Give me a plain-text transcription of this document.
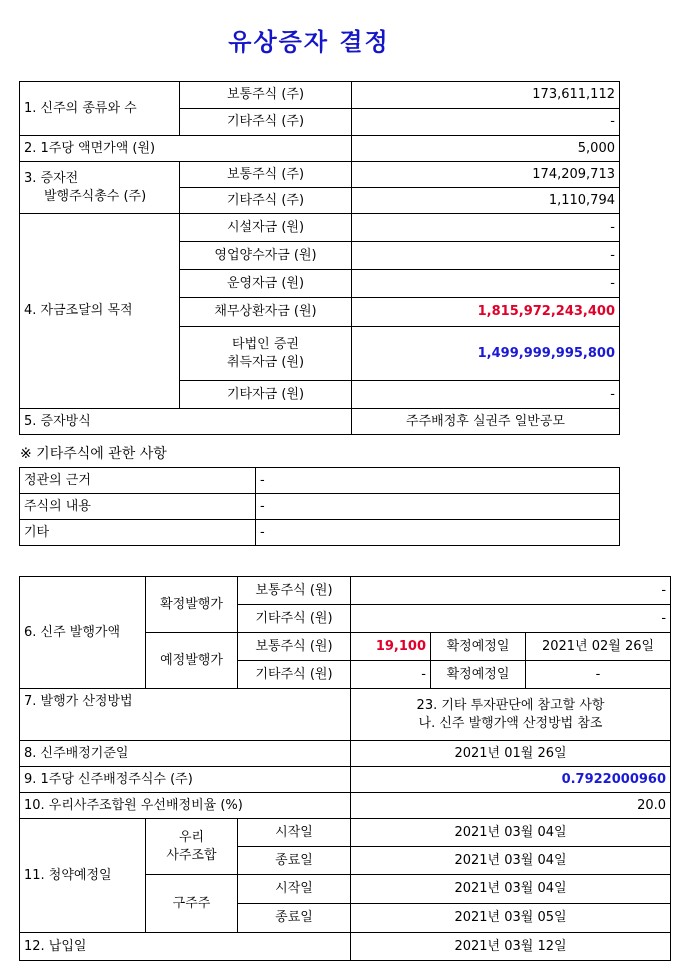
유상증자 결정
1. 신주의 종류와 수	보통주식 (주)	173,611,112
	기타주식 (주)	-
2. 1주당 액면가액 (원)		5,000

3. 증자전
발행주식총수 (주)	보통주식 (주)	174,209,713
	기타주식 (주)	1,110,794
4. 자금조달의 목적	시설자금 (원)	-
	영업양수자금 (원)	-
	운영자금 (원)	-
	채무상환자금 (원)	1,815,972,243,400

	타법인 증권
취득자금 (원)	1,499,999,995,800
	기타자금 (원)	-
5. 증자방식		주주배정후 실권주 일반공모
※ 기타주식에 관한 사항
정관의 근거	-
주식의 내용	-
기타	-
6. 신주 발행가액	확정발행가	보통주식 (원)	-		
		기타주식 (원)	-		
	예정발행가	보통주식 (원)	19,100	확정예정일	2021년 02월 26일
		기타주식 (원)	-	확정예정일	-
7. 발행가 산정방법			23. 기타 투자판단에 참고할 사항
나. 신주 발행가액 산정방법 참조		

8. 신주배정기준일			2021년 01월 26일		
9. 1주당 신주배정주식수 (주)			0.7922000960		
10. 우리사주조합원 우선배정비율 (%)			20.0		
11. 청약예정일	우리
사주조합	시작일	2021년 03월 04일		
		종료일	2021년 03월 04일		
	구주주	시작일	2021년 03월 04일		
		종료일	2021년 03월 05일		
12. 납입일			2021년 03월 12일		
